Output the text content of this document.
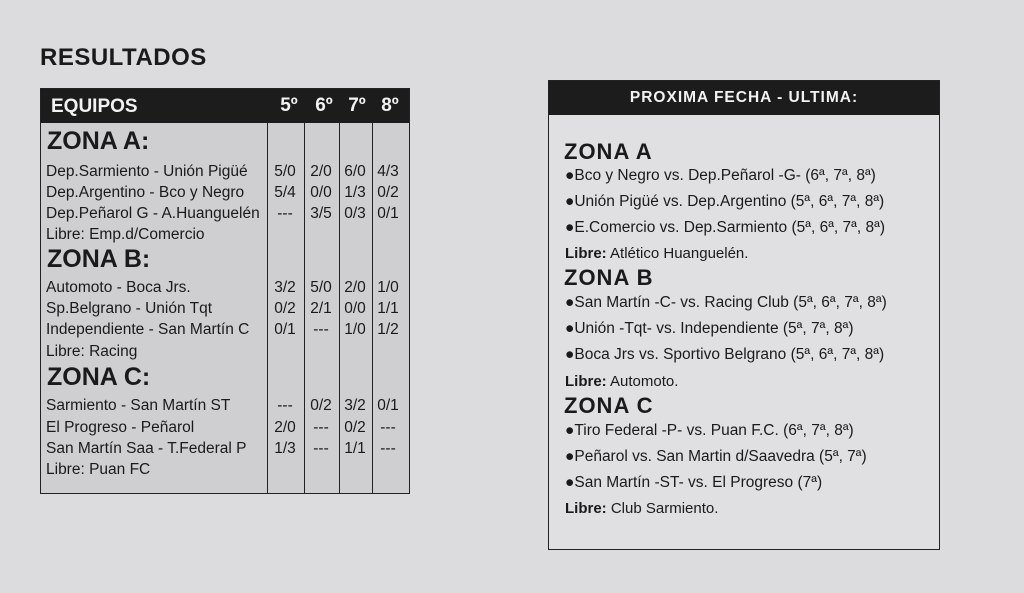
RESULTADOS
EQUIPOS	5º 6º 7º 8º
ZONA A:
Dep.Sarmiento - Unión Pigüé	5/0 2/0 6/0 4/3
Dep.Argentino - Bco y Negro	5/4 0/0 1/3 0/2
Dep.Peñarol G - A.Huanguelén	---	3/5 0/3 0/1
Libre: Emp.d/Comercio
ZONA B:
Automoto - Boca Jrs.	3/2 5/0 2/0 1/0
Sp.Belgrano - Unión Tqt	0/2 2/1 0/0 1/1
Independiente - San Martín C	0/1	--- 1/0 1/2
Libre: Racing
ZONA C:
Sarmiento - San Martín ST	---	0/2 3/2 0/1
El Progreso - Peñarol	2/0	--- 0/2 ---
San Martín Saa - T.Federal P	1/3	--- 1/1 ---
Libre: Puan FC
PROXIMA FECHA - ULTIMA:
ZONA A
●Bco y Negro vs. Dep.Peñarol -G- (6ª, 7ª, 8ª)
●Unión Pigüé vs. Dep.Argentino (5ª, 6ª, 7ª, 8ª)
●E.Comercio vs. Dep.Sarmiento (5ª, 6ª, 7ª, 8ª)
Libre: Atlético Huanguelén.
ZONA B
●San Martín -C- vs. Racing Club (5ª, 6ª, 7ª, 8ª)
●Unión -Tqt- vs. Independiente (5ª, 7ª, 8ª)
●Boca Jrs vs. Sportivo Belgrano (5ª, 6ª, 7ª, 8ª)
Libre: Automoto.
ZONA C
●Tiro Federal -P- vs. Puan F.C. (6ª, 7ª, 8ª)
●Peñarol vs. San Martin d/Saavedra (5ª, 7ª)
●San Martín -ST- vs. El Progreso (7ª)
Libre: Club Sarmiento.
